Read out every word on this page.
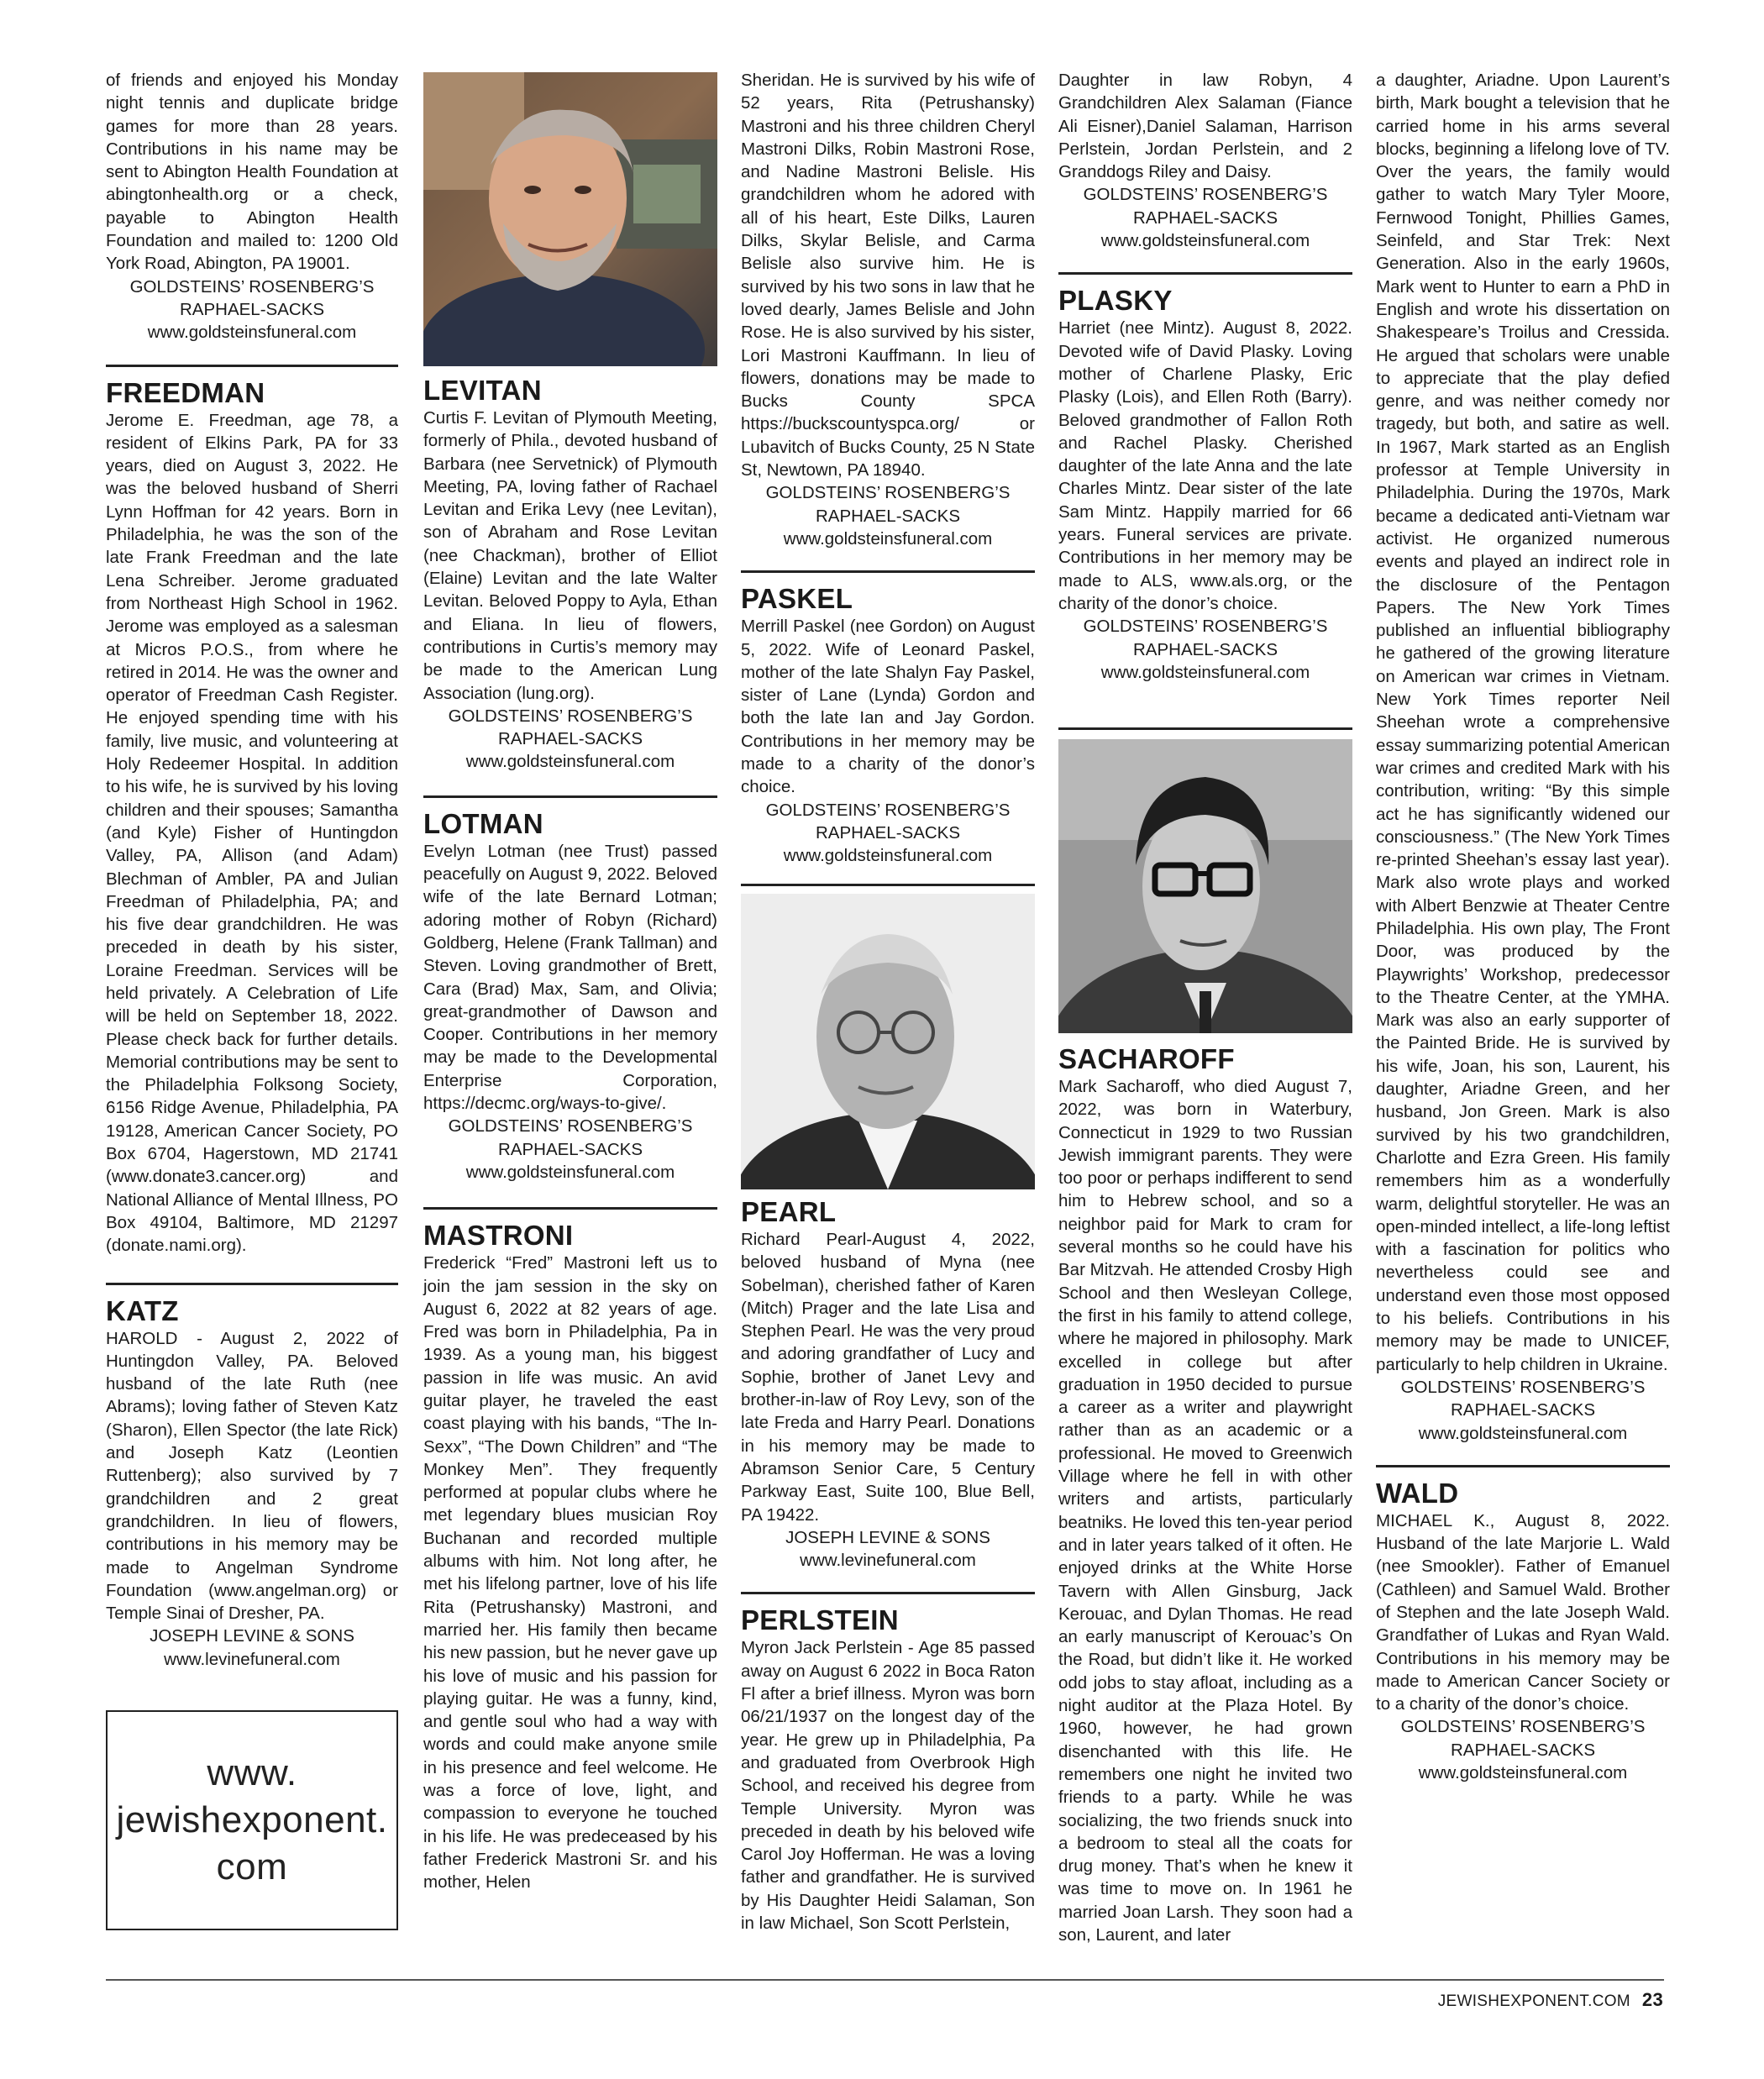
of friends and enjoyed his Monday night tennis and duplicate bridge games for more than 28 years. Contributions in his name may be sent to Abington Health Foundation at abingtonhealth.org or a check, payable to Abington Health Foundation and mailed to: 1200 Old York Road, Abington, PA 19001.

GOLDSTEINS’ ROSENBERG’S

RAPHAEL-SACKS

www.goldsteinsfuneral.com

FREEDMAN

Jerome E. Freedman, age 78, a resident of Elkins Park, PA for 33 years, died on August 3, 2022. He was the beloved husband of Sherri Lynn Hoffman for 42 years. Born in Philadelphia, he was the son of the late Frank Freedman and the late Lena Schreiber. Jerome graduated from Northeast High School in 1962. Jerome was employed as a salesman at Micros P.O.S., from where he retired in 2014. He was the owner and operator of Freedman Cash Register. He enjoyed spending time with his family, live music, and volunteering at Holy Redeemer Hospital. In addition to his wife, he is survived by his loving children and their spouses; Samantha (and Kyle) Fisher of Huntingdon Valley, PA, Allison (and Adam) Blechman of Ambler, PA and Julian Freedman of Philadelphia, PA; and his five dear grandchildren. He was preceded in death by his sister, Loraine Freedman. Services will be held privately. A Celebration of Life will be held on September 18, 2022. Please check back for further details. Memorial contributions may be sent to the Philadelphia Folksong Society, 6156 Ridge Avenue, Philadelphia, PA 19128, American Cancer Society, PO Box 6704, Hagerstown, MD 21741 (www.donate3.cancer.org) and National Alliance of Mental Illness, PO Box 49104, Baltimore, MD 21297 (donate.nami.org).

KATZ

HAROLD - August 2, 2022 of Huntingdon Valley, PA. Beloved husband of the late Ruth (nee Abrams); loving father of Steven Katz (Sharon), Ellen Spector (the late Rick) and Joseph Katz (Leontien Ruttenberg); also survived by 7 grandchildren and 2 great grandchildren. In lieu of flowers, contributions in his memory may be made to Angelman Syndrome Foundation (www.angelman.org) or Temple Sinai of Dresher, PA.

JOSEPH LEVINE & SONS

www.levinefuneral.com

www.
jewishexponent.
com
LEVITAN

Curtis F. Levitan of Plymouth Meeting, formerly of Phila., devoted husband of Barbara (nee Servetnick) of Plymouth Meeting, PA, loving father of Rachael Levitan and Erika Levy (nee Levitan), son of Abraham and Rose Levitan (nee Chackman), brother of Elliot (Elaine) Levitan and the late Walter Levitan. Beloved Poppy to Ayla, Ethan and Eliana. In lieu of flowers, contributions in Curtis’s memory may be made to the American Lung Association (lung.org).

GOLDSTEINS’ ROSENBERG’S

RAPHAEL-SACKS

www.goldsteinsfuneral.com

LOTMAN

Evelyn Lotman (nee Trust) passed peacefully on August 9, 2022. Beloved wife of the late Bernard Lotman; adoring mother of Robyn (Richard) Goldberg, Helene (Frank Tallman) and Steven. Loving grandmother of Brett, Cara (Brad) Max, Sam, and Olivia; great-grandmother of Dawson and Cooper. Contributions in her memory may be made to the Developmental Enterprise Corporation, https://decmc.org/ways-to-give/.

GOLDSTEINS’ ROSENBERG’S

RAPHAEL-SACKS

www.goldsteinsfuneral.com

MASTRONI

Frederick “Fred” Mastroni left us to join the jam session in the sky on August 6, 2022 at 82 years of age. Fred was born in Philadelphia, Pa in 1939. As a young man, his biggest passion in life was music. An avid guitar player, he traveled the east coast playing with his bands, “The In-Sexx”, “The Down Children” and “The Monkey Men”. They frequently performed at popular clubs where he met legendary blues musician Roy Buchanan and recorded multiple albums with him. Not long after, he met his lifelong partner, love of his life Rita (Petrushansky) Mastroni, and married her. His family then became his new passion, but he never gave up his love of music and his passion for playing guitar. He was a funny, kind, and gentle soul who had a way with words and could make anyone smile in his presence and feel welcome. He was a force of love, light, and compassion to everyone he touched in his life. He was predeceased by his father Frederick Mastroni Sr. and his mother, Helen

Sheridan. He is survived by his wife of 52 years, Rita (Petrushansky) Mastroni and his three children Cheryl Mastroni Dilks, Robin Mastroni Rose, and Nadine Mastroni Belisle. His grandchildren whom he adored with all of his heart, Este Dilks, Lauren Dilks, Skylar Belisle, and Carma Belisle also survive him. He is survived by his two sons in law that he loved dearly, James Belisle and John Rose. He is also survived by his sister, Lori Mastroni Kauffmann. In lieu of flowers, donations may be made to Bucks County SPCA https://buckscountyspca.org/ or Lubavitch of Bucks County, 25 N State St, Newtown, PA 18940.

GOLDSTEINS’ ROSENBERG’S

RAPHAEL-SACKS

www.goldsteinsfuneral.com

PASKEL

Merrill Paskel (nee Gordon) on August 5, 2022. Wife of Leonard Paskel, mother of the late Shalyn Fay Paskel, sister of Lane (Lynda) Gordon and both the late Ian and Jay Gordon. Contributions in her memory may be made to a charity of the donor’s choice.

GOLDSTEINS’ ROSENBERG’S

RAPHAEL-SACKS

www.goldsteinsfuneral.com

PEARL

Richard Pearl-August 4, 2022, beloved husband of Myna (nee Sobelman), cherished father of Karen (Mitch) Prager and the late Lisa and Stephen Pearl. He was the very proud and adoring grandfather of Lucy and Sophie, brother of Janet Levy and brother-in-law of Roy Levy, son of the late Freda and Harry Pearl. Donations in his memory may be made to Abramson Senior Care, 5 Century Parkway East, Suite 100, Blue Bell, PA 19422.

JOSEPH LEVINE & SONS

www.levinefuneral.com

PERLSTEIN

Myron Jack Perlstein - Age 85 passed away on August 6 2022 in Boca Raton Fl after a brief illness. Myron was born 06/21/1937 on the longest day of the year. He grew up in Philadelphia, Pa and graduated from Overbrook High School, and received his degree from Temple University. Myron was preceded in death by his beloved wife Carol Joy Hofferman. He was a loving father and grandfather. He is survived by His Daughter Heidi Salaman, Son in law Michael, Son Scott Perlstein,

Daughter in law Robyn, 4 Grandchildren Alex Salaman (Fiance Ali Eisner),Daniel Salaman, Harrison Perlstein, Jordan Perlstein, and 2 Granddogs Riley and Daisy.

GOLDSTEINS’ ROSENBERG’S

RAPHAEL-SACKS

www.goldsteinsfuneral.com

PLASKY

Harriet (nee Mintz). August 8, 2022. Devoted wife of David Plasky. Loving mother of Charlene Plasky, Eric Plasky (Lois), and Ellen Roth (Barry). Beloved grandmother of Fallon Roth and Rachel Plasky. Cherished daughter of the late Anna and the late Charles Mintz. Dear sister of the late Sam Mintz. Happily married for 66 years. Funeral services are private. Contributions in her memory may be made to ALS, www.als.org, or the charity of the donor’s choice.

GOLDSTEINS’ ROSENBERG’S

RAPHAEL-SACKS

www.goldsteinsfuneral.com

SACHAROFF

Mark Sacharoff, who died August 7, 2022, was born in Waterbury, Connecticut in 1929 to two Russian Jewish immigrant parents. They were too poor or perhaps indifferent to send him to Hebrew school, and so a neighbor paid for Mark to cram for several months so he could have his Bar Mitzvah. He attended Crosby High School and then Wesleyan College, the first in his family to attend college, where he majored in philosophy. Mark excelled in college but after graduation in 1950 decided to pursue a career as a writer and playwright rather than as an academic or a professional. He moved to Greenwich Village where he fell in with other writers and artists, particularly beatniks. He loved this ten-year period and in later years talked of it often. He enjoyed drinks at the White Horse Tavern with Allen Ginsburg, Jack Kerouac, and Dylan Thomas. He read an early manuscript of Kerouac’s On the Road, but didn’t like it. He worked odd jobs to stay afloat, including as a night auditor at the Plaza Hotel. By 1960, however, he had grown disenchanted with this life. He remembers one night he invited two friends to a party. While he was socializing, the two friends snuck into a bedroom to steal all the coats for drug money. That’s when he knew it was time to move on. In 1961 he married Joan Larsh. They soon had a son, Laurent, and later

a daughter, Ariadne. Upon Laurent’s birth, Mark bought a television that he carried home in his arms several blocks, beginning a lifelong love of TV. Over the years, the family would gather to watch Mary Tyler Moore, Fernwood Tonight, Phillies Games, Seinfeld, and Star Trek: Next Generation. Also in the early 1960s, Mark went to Hunter to earn a PhD in English and wrote his dissertation on Shakespeare’s Troilus and Cressida. He argued that scholars were unable to appreciate that the play defied genre, and was neither comedy nor tragedy, but both, and satire as well. In 1967, Mark started as an English professor at Temple University in Philadelphia. During the 1970s, Mark became a dedicated anti-Vietnam war activist. He organized numerous events and played an indirect role in the disclosure of the Pentagon Papers. The New York Times published an influential bibliography he gathered of the growing literature on American war crimes in Vietnam. New York Times reporter Neil Sheehan wrote a comprehensive essay summarizing potential American war crimes and credited Mark with his contribution, writing: “By this simple act he has significantly widened our consciousness.” (The New York Times re-printed Sheehan’s essay last year). Mark also wrote plays and worked with Albert Benzwie at Theater Centre Philadelphia. His own play, The Front Door, was produced by the Playwrights’ Workshop, predecessor to the Theatre Center, at the YMHA. Mark was also an early supporter of the Painted Bride. He is survived by his wife, Joan, his son, Laurent, his daughter, Ariadne Green, and her husband, Jon Green. Mark is also survived by his two grandchildren, Charlotte and Ezra Green. His family remembers him as a wonderfully warm, delightful storyteller. He was an open-minded intellect, a life-long leftist with a fascination for politics who nevertheless could see and understand even those most opposed to his beliefs. Contributions in his memory may be made to UNICEF, particularly to help children in Ukraine.

GOLDSTEINS’ ROSENBERG’S

RAPHAEL-SACKS

www.goldsteinsfuneral.com

WALD

MICHAEL K., August 8, 2022. Husband of the late Marjorie L. Wald (nee Smookler). Father of Emanuel (Cathleen) and Samuel Wald. Brother of Stephen and the late Joseph Wald. Grandfather of Lukas and Ryan Wald. Contributions in his memory may be made to American Cancer Society or to a charity of the donor’s choice.

GOLDSTEINS’ ROSENBERG’S

RAPHAEL-SACKS

www.goldsteinsfuneral.com

JEWISHEXPONENT.COM 23
